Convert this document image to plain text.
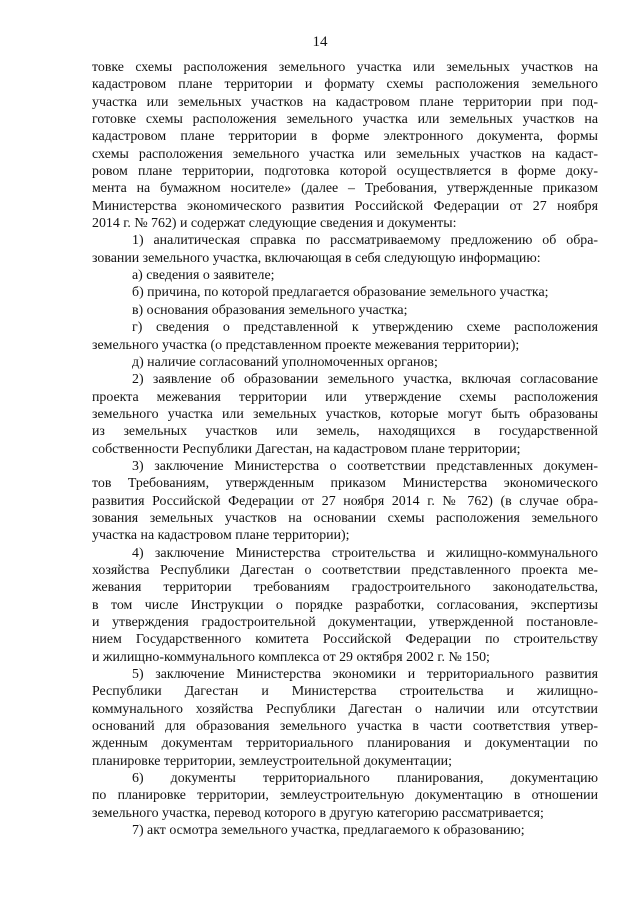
14
товке схемы расположения земельного участка или земельных участков на
кадастровом плане территории и формату схемы расположения земельного
участка или земельных участков на кадастровом плане территории при под-
готовке схемы расположения земельного участка или земельных участков на
кадастровом плане территории в форме электронного документа, формы
схемы расположения земельного участка или земельных участков на кадаст-
ровом плане территории, подготовка которой осуществляется в форме доку-
мента на бумажном носителе» (далее – Требования, утвержденные приказом
Министерства экономического развития Российской Федерации от 27 ноября
2014 г. № 762) и содержат следующие сведения и документы:
1) аналитическая справка по рассматриваемому предложению об обра-
зовании земельного участка, включающая в себя следующую информацию:
а) сведения о заявителе;
б) причина, по которой предлагается образование земельного участка;
в) основания образования земельного участка;
г) сведения о представленной к утверждению схеме расположения
земельного участка (о представленном проекте межевания территории);
д) наличие согласований уполномоченных органов;
2) заявление об образовании земельного участка, включая согласование
проекта межевания территории или утверждение схемы расположения
земельного участка или земельных участков, которые могут быть образованы
из земельных участков или земель, находящихся в государственной
собственности Республики Дагестан, на кадастровом плане территории;
3) заключение Министерства о соответствии представленных докумен-
тов Требованиям, утвержденным приказом Министерства экономического
развития Российской Федерации от 27 ноября 2014 г. № 762) (в случае обра-
зования земельных участков на основании схемы расположения земельного
участка на кадастровом плане территории);
4) заключение Министерства строительства и жилищно-коммунального
хозяйства Республики Дагестан о соответствии представленного проекта ме-
жевания территории требованиям градостроительного законодательства,
в том числе Инструкции о порядке разработки, согласования, экспертизы
и утверждения градостроительной документации, утвержденной постановле-
нием Государственного комитета Российской Федерации по строительству
и жилищно-коммунального комплекса от 29 октября 2002 г. № 150;
5) заключение Министерства экономики и территориального развития
Республики Дагестан и Министерства строительства и жилищно-
коммунального хозяйства Республики Дагестан о наличии или отсутствии
оснований для образования земельного участка в части соответствия утвер-
жденным документам территориального планирования и документации по
планировке территории, землеустроительной документации;
6) документы территориального планирования, документацию
по планировке территории, землеустроительную документацию в отношении
земельного участка, перевод которого в другую категорию рассматривается;
7) акт осмотра земельного участка, предлагаемого к образованию;
